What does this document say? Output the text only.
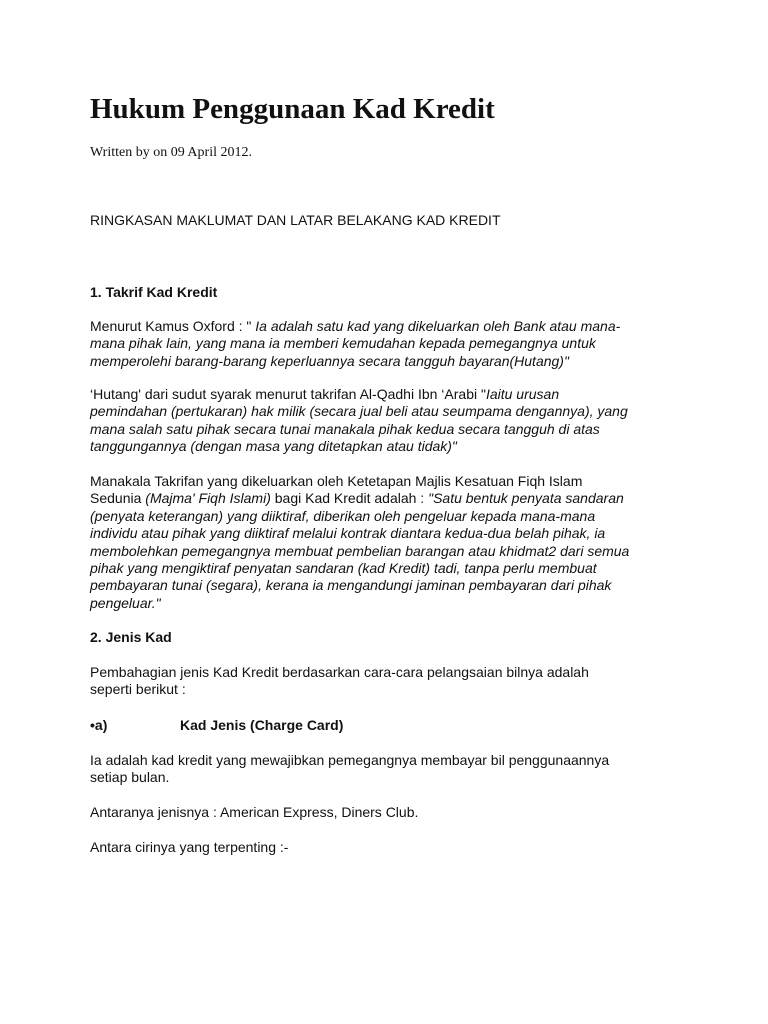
Hukum Penggunaan Kad Kredit
Written by on 09 April 2012.
RINGKASAN MAKLUMAT DAN LATAR BELAKANG KAD KREDIT
1. Takrif Kad Kredit
Menurut Kamus Oxford : " Ia adalah satu kad yang dikeluarkan oleh Bank atau mana-
mana pihak lain, yang mana ia memberi kemudahan kepada pemegangnya untuk
memperolehi barang-barang keperluannya secara tangguh bayaran(Hutang)"
‘Hutang' dari sudut syarak menurut takrifan Al-Qadhi Ibn ‘Arabi "Iaitu urusan
pemindahan (pertukaran) hak milik (secara jual beli atau seumpama dengannya), yang
mana salah satu pihak secara tunai manakala pihak kedua secara tangguh di atas
tanggungannya (dengan masa yang ditetapkan atau tidak)"
Manakala Takrifan yang dikeluarkan oleh Ketetapan Majlis Kesatuan Fiqh Islam
Sedunia (Majma' Fiqh Islami) bagi Kad Kredit adalah : "Satu bentuk penyata sandaran
(penyata keterangan) yang diiktiraf, diberikan oleh pengeluar kepada mana-mana
individu atau pihak yang diiktiraf melalui kontrak diantara kedua-dua belah pihak, ia
membolehkan pemegangnya membuat pembelian barangan atau khidmat2 dari semua
pihak yang mengiktiraf penyatan sandaran (kad Kredit) tadi, tanpa perlu membuat
pembayaran tunai (segara), kerana ia mengandungi jaminan pembayaran dari pihak
pengeluar."
2. Jenis Kad
Pembahagian jenis Kad Kredit berdasarkan cara-cara pelangsaian bilnya adalah
seperti berikut :
•a)	Kad Jenis (Charge Card)
Ia adalah kad kredit yang mewajibkan pemegangnya membayar bil penggunaannya
setiap bulan.
Antaranya jenisnya : American Express, Diners Club.
Antara cirinya yang terpenting :-
